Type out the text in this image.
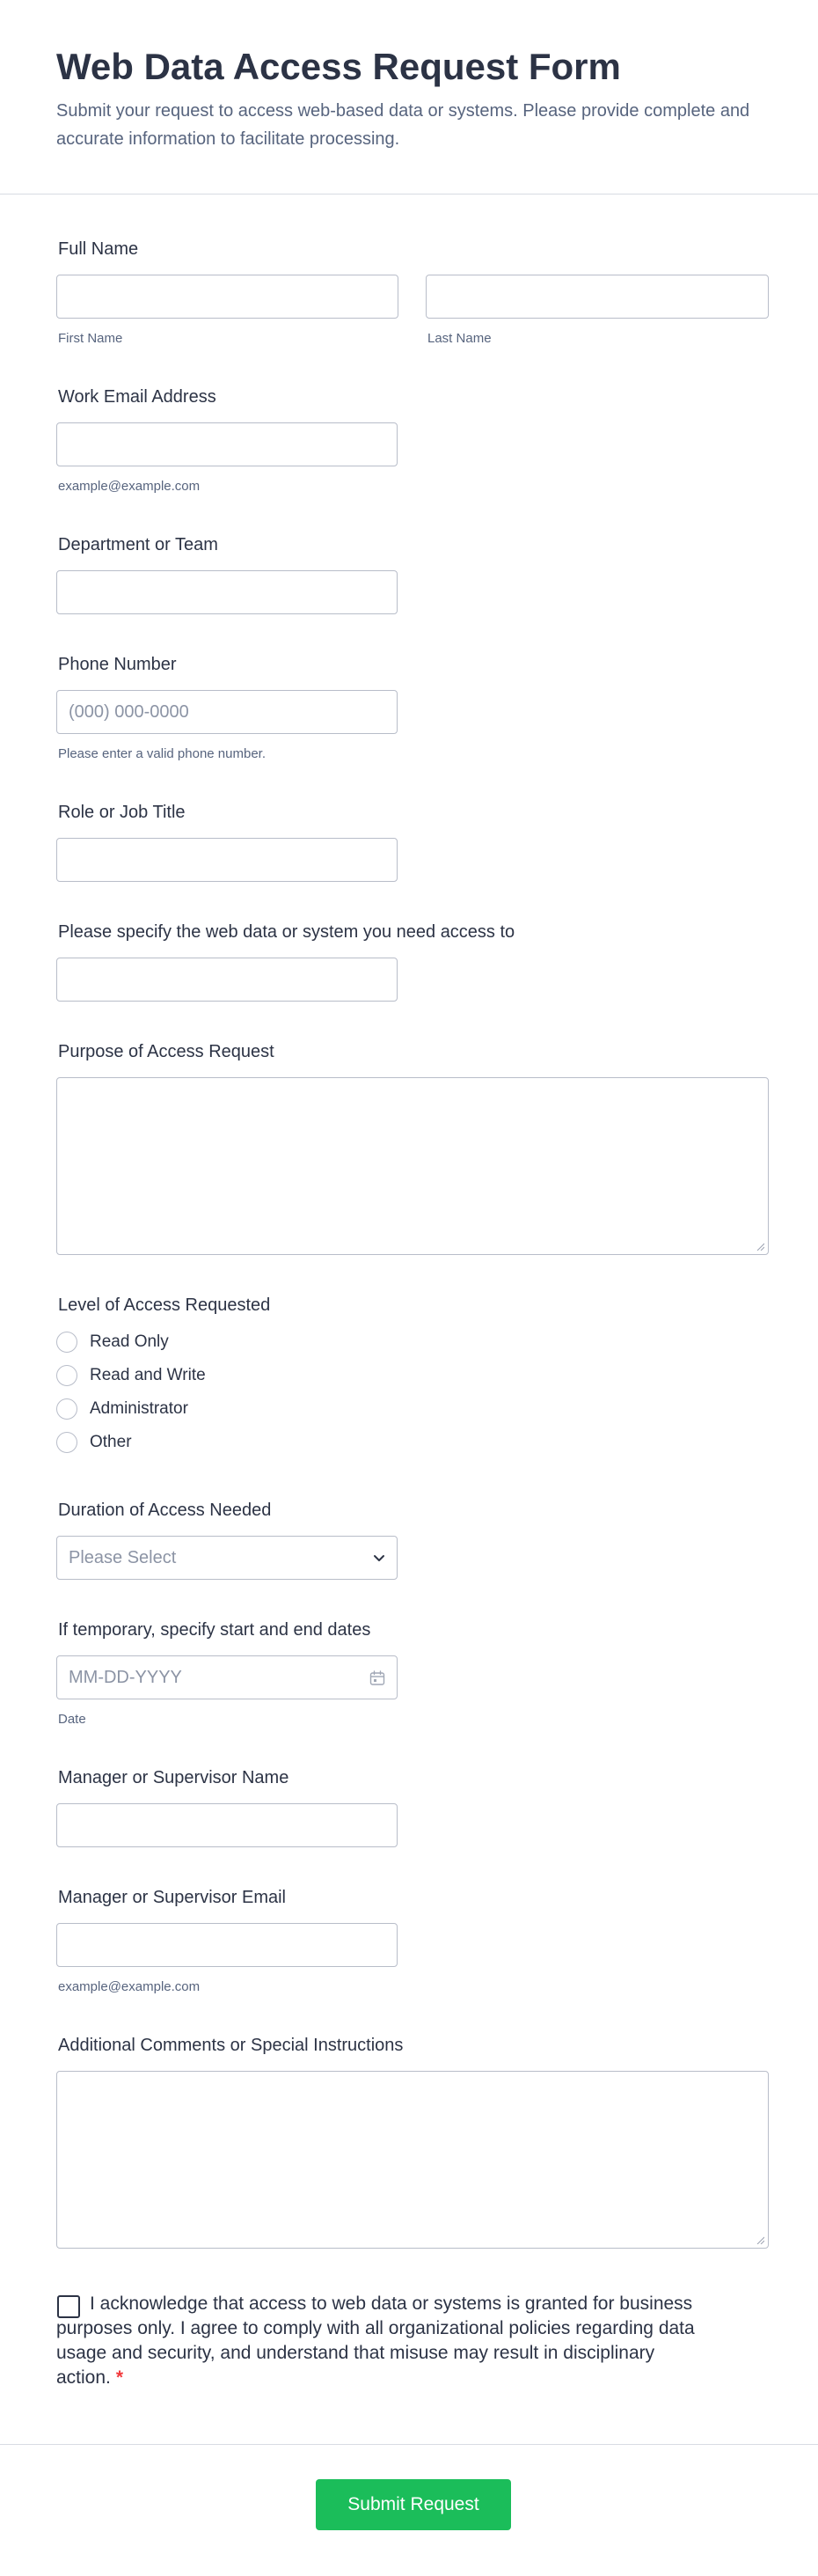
Web Data Access Request Form

Submit your request to access web-based data or systems. Please provide complete and accurate information to facilitate processing.

Full Name
First Name	Last Name
Work Email Address
example@example.com
Department or Team
Phone Number
(000) 000-0000
Please enter a valid phone number.
Role or Job Title
Please specify the web data or system you need access to
Purpose of Access Request
Level of Access Requested
Read Only
Read and Write
Administrator
Other
Duration of Access Needed
Please Select
If temporary, specify start and end dates
MM-DD-YYYY
Date
Manager or Supervisor Name
Manager or Supervisor Email
example@example.com
Additional Comments or Special Instructions

I acknowledge that access to web data or systems is granted for business purposes only. I agree to comply with all organizational policies regarding data usage and security, and understand that misuse may result in disciplinary action. *

Submit Request
